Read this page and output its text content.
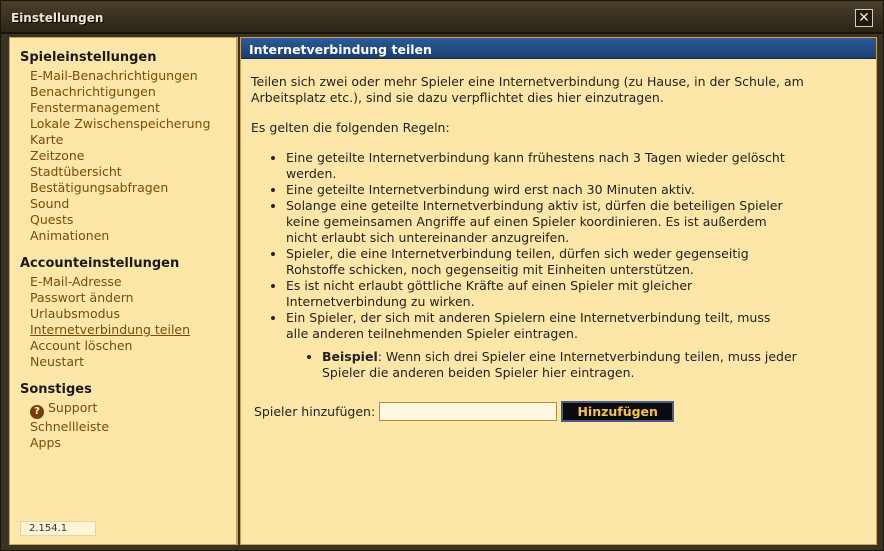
Einstellungen	✕
Spieleinstellungen
E-Mail-Benachrichtigungen
Benachrichtigungen
Fenstermanagement
Lokale Zwischenspeicherung
Karte
Zeitzone
Stadtübersicht
Bestätigungsabfragen
Sound
Quests
Animationen
Accounteinstellungen
E-Mail-Adresse
Passwort ändern
Urlaubsmodus
Internetverbindung teilen
Account löschen
Neustart
Sonstiges
? Support
Schnellleiste
Apps
2.154.1
Internetverbindung teilen

Teilen sich zwei oder mehr Spieler eine Internetverbindung (zu Hause, in der Schule, am Arbeitsplatz etc.), sind sie dazu verpflichtet dies hier einzutragen.

Es gelten die folgenden Regeln:

• Eine geteilte Internetverbindung kann frühestens nach 3 Tagen wieder gelöscht werden.
• Eine geteilte Internetverbindung wird erst nach 30 Minuten aktiv.
• Solange eine geteilte Internetverbindung aktiv ist, dürfen die beteiligen Spieler keine gemeinsamen Angriffe auf einen Spieler koordinieren. Es ist außerdem nicht erlaubt sich untereinander anzugreifen.
• Spieler, die eine Internetverbindung teilen, dürfen sich weder gegenseitig Rohstoffe schicken, noch gegenseitig mit Einheiten unterstützen.
• Es ist nicht erlaubt göttliche Kräfte auf einen Spieler mit gleicher Internetverbindung zu wirken.
• Ein Spieler, der sich mit anderen Spielern eine Internetverbindung teilt, muss alle anderen teilnehmenden Spieler eintragen.
• Beispiel: Wenn sich drei Spieler eine Internetverbindung teilen, muss jeder Spieler die anderen beiden Spieler hier eintragen.
Spieler hinzufügen:	Hinzufügen
